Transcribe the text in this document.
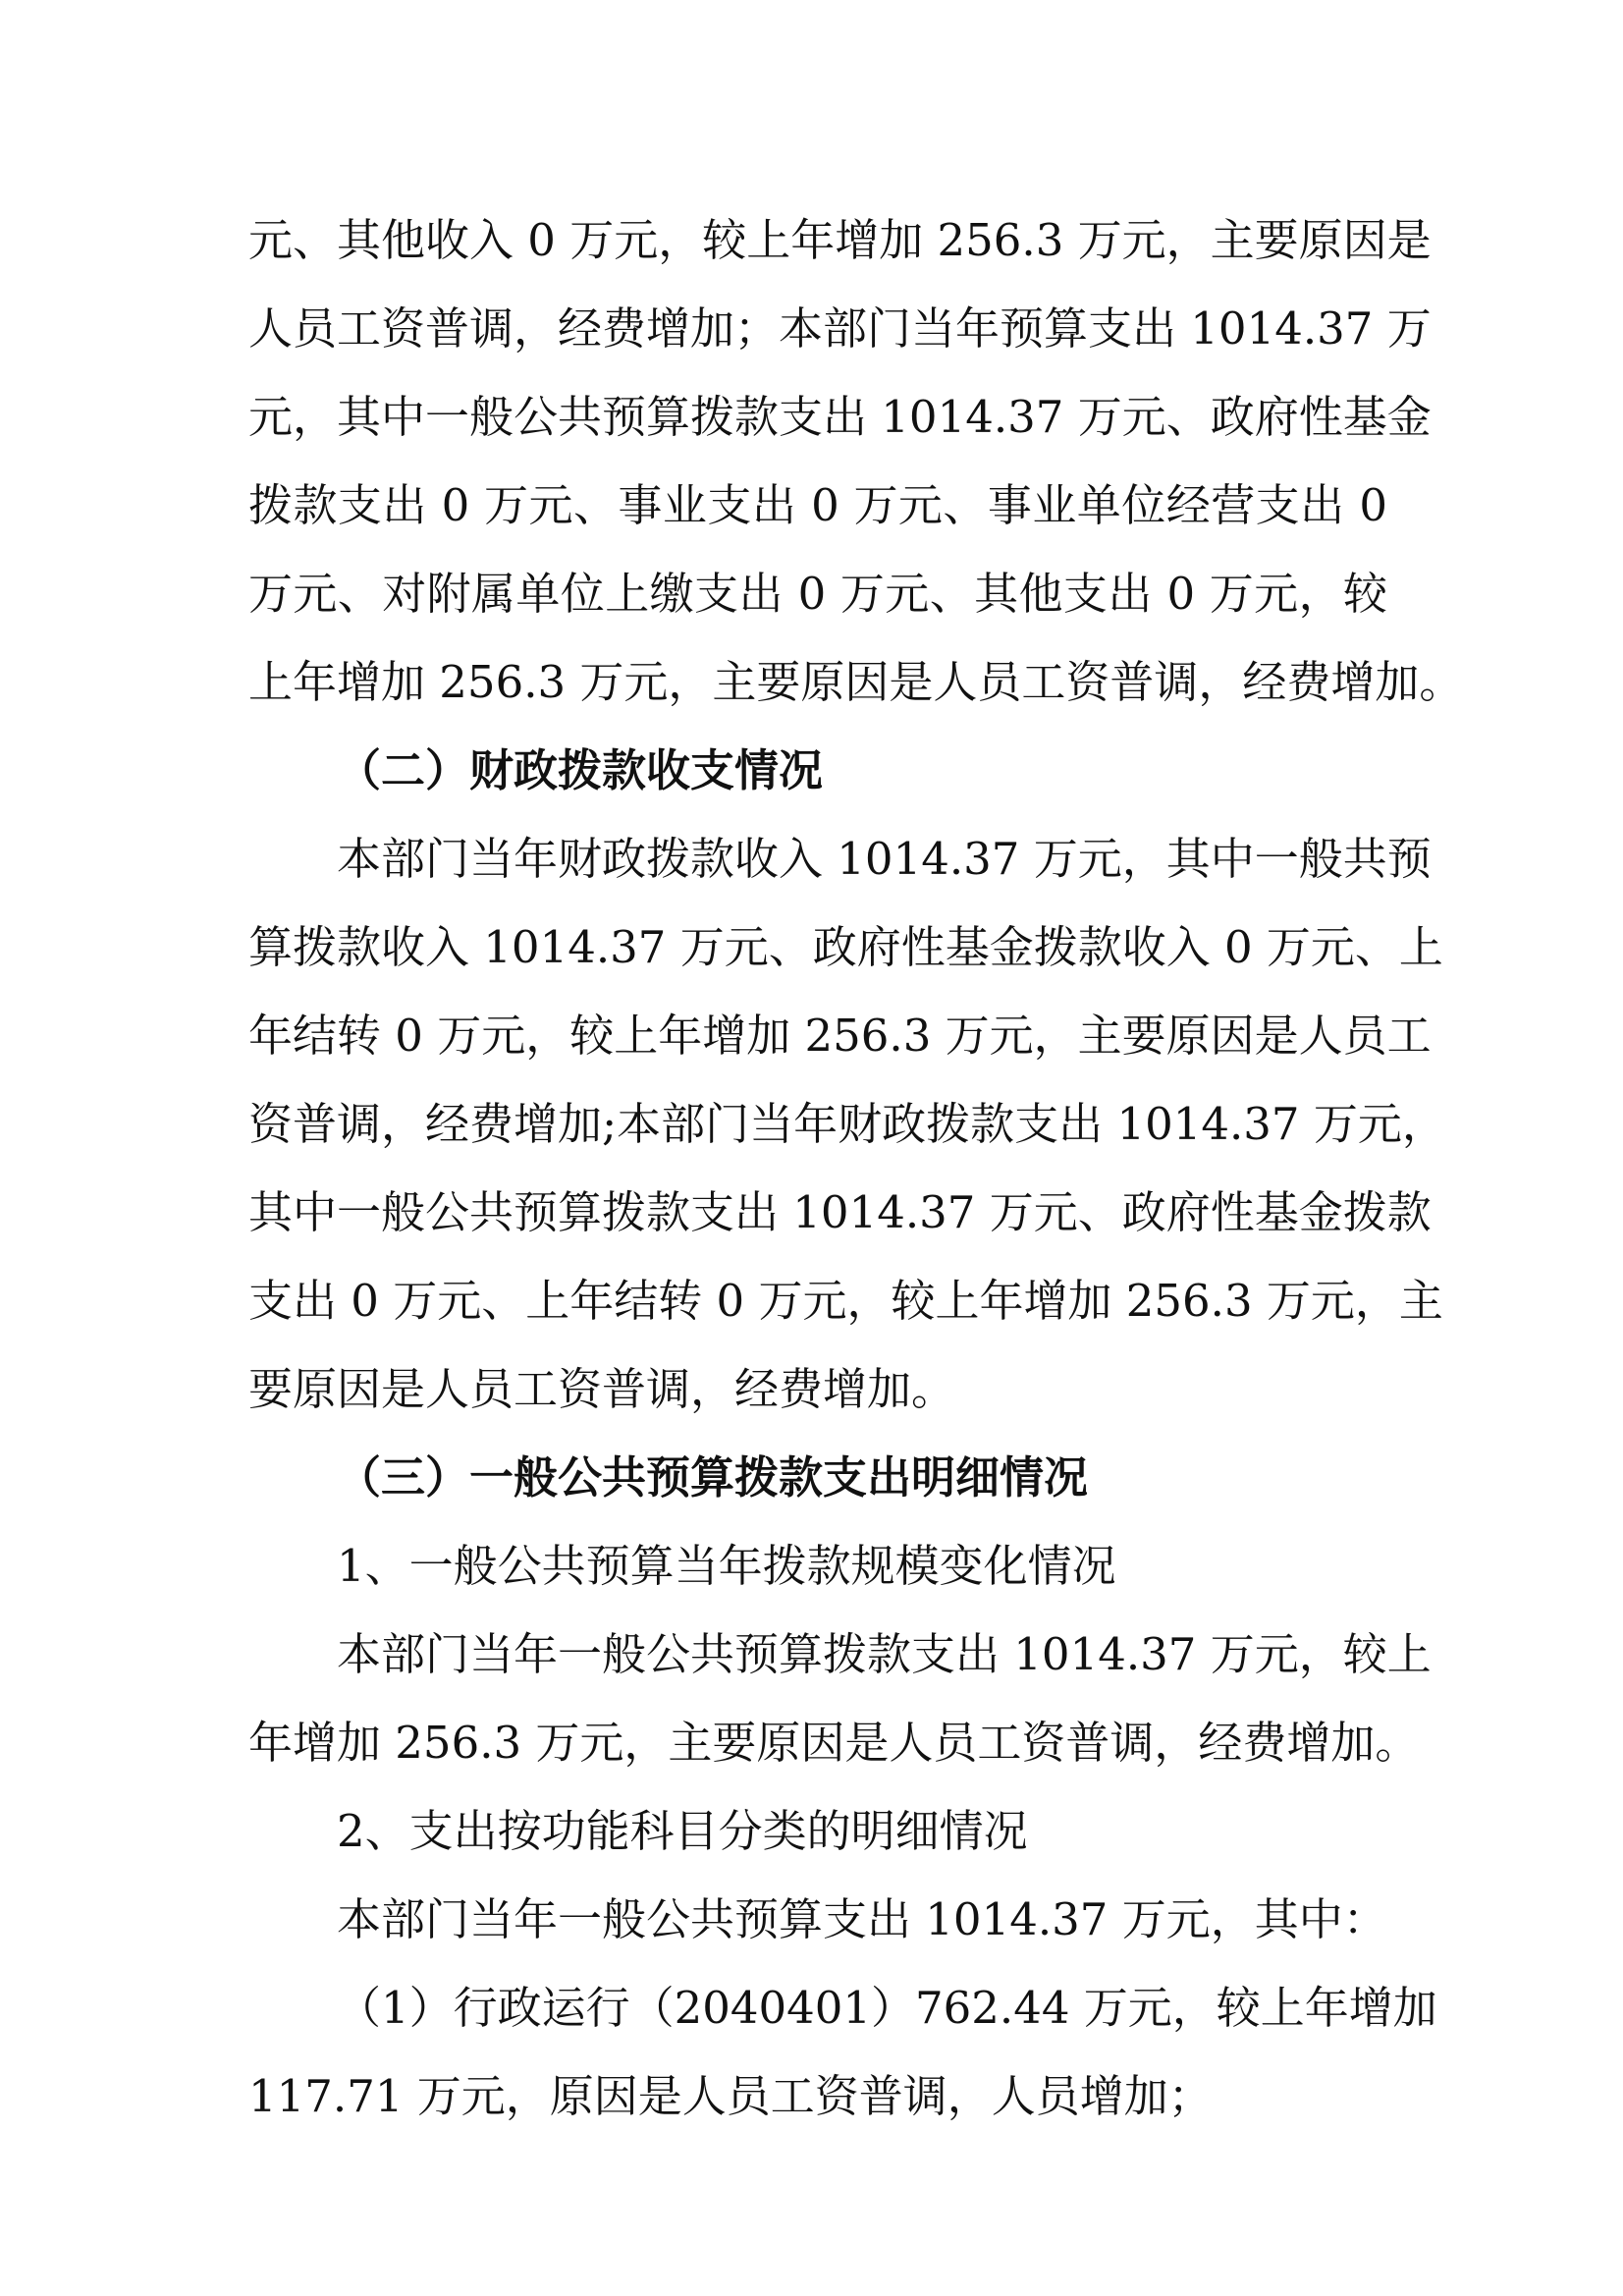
元、其他收入 0 万元，较上年增加 256.3 万元，主要原因是
人员工资普调，经费增加；本部门当年预算支出 1014.37 万
元，其中一般公共预算拨款支出 1014.37 万元、政府性基金
拨款支出 0 万元、事业支出 0 万元、事业单位经营支出 0
万元、对附属单位上缴支出 0 万元、其他支出 0 万元，较
上年增加 256.3 万元，主要原因是人员工资普调，经费增加。
（二）财政拨款收支情况
本部门当年财政拨款收入 1014.37 万元，其中一般共预
算拨款收入 1014.37 万元、政府性基金拨款收入 0 万元、上
年结转 0 万元，较上年增加 256.3 万元，主要原因是人员工
资普调，经费增加;本部门当年财政拨款支出 1014.37 万元，
其中一般公共预算拨款支出 1014.37 万元、政府性基金拨款
支出 0 万元、上年结转 0 万元，较上年增加 256.3 万元，主
要原因是人员工资普调，经费增加。
（三）一般公共预算拨款支出明细情况
1、一般公共预算当年拨款规模变化情况
本部门当年一般公共预算拨款支出 1014.37 万元，较上
年增加 256.3 万元，主要原因是人员工资普调，经费增加。
2、支出按功能科目分类的明细情况
本部门当年一般公共预算支出 1014.37 万元，其中：
（1）行政运行（2040401）762.44 万元，较上年增加
117.71 万元，原因是人员工资普调，人员增加；
